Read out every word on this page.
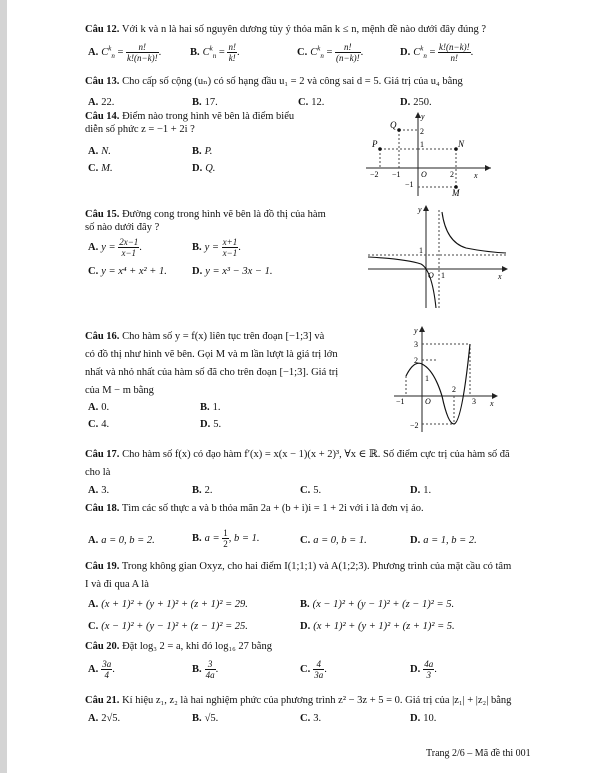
Câu 12. Với k và n là hai số nguyên dương tùy ý thỏa mãn k ≤ n, mệnh đề nào dưới đây đúng ?
A. $C^k_n = \frac{n!}{k!(n-k)!}$ .	B. $C^k_n = \frac{n!}{k!}$ .	C. $C^k_n = \frac{n!}{(n-k)!}$ .	D. $C^k_n = \frac{k!(n-k)!}{n!}$ .
Câu 13. Cho cấp số cộng (uₙ) có số hạng đầu u₁ = 2 và công sai d = 5. Giá trị của u₄ bằng
A. 22.	B. 17.	C. 12.	D. 250.
Câu 14. Điểm nào trong hình vẽ bên là điểm biểu
diễn số phức z = −1 + 2i ?
A. N.	B. P.
C. M.	D. Q.
Q
P	N
M
y
x
2
1
O
−1
−2
−1
2
Câu 15. Đường cong trong hình vẽ bên là đồ thị của hàm
số nào dưới đây ?
A. $y = \frac{2x-1}{x-1}$ .	B. $y = \frac{x+1}{x-1}$ .
C. y = x⁴ + x² + 1. D. y = x³ − 3x − 1.
y
x
1
O 1
Câu 16. Cho hàm số y = f(x) liên tục trên đoạn [−1;3] và
có đồ thị như hình vẽ bên. Gọi M và m lần lượt là giá trị lớn
nhất và nhỏ nhất của hàm số đã cho trên đoạn [−1;3]. Giá trị
của M − m bằng
A. 0.	B. 1.
C. 4.	D. 5.
y
x
3
2
1
−1	O
−2
2
3
Câu 17. Cho hàm số f(x) có đạo hàm f′(x) = x(x − 1)(x + 2)³, ∀x ∈ ℝ. Số điểm cực trị của hàm số đã
cho là
A. 3.	B. 2.	C. 5.	D. 1.
Câu 18. Tìm các số thực a và b thỏa mãn 2a + (b + i)i = 1 + 2i với i là đơn vị ảo.
A. a = 0, b = 2.	B. $a = \frac{1}{2}$ , b = 1.	C. a = 0, b = 1.	D. a = 1, b = 2.
Câu 19. Trong không gian Oxyz, cho hai điểm I(1;1;1) và A(1;2;3). Phương trình của mặt cầu có tâm
I và đi qua A là
A. (x + 1)² + (y + 1)² + (z + 1)² = 29.	B. (x − 1)² + (y − 1)² + (z − 1)² = 5.
C. (x − 1)² + (y − 1)² + (z − 1)² = 25.	D. (x + 1)² + (y + 1)² + (z + 1)² = 5.
Câu 20. Đặt log₃ 2 = a, khi đó log₁₆ 27 bằng
A. $\frac{3a}{4}$ .	B. $\frac{3}{4a}$ .	C. $\frac{4}{3a}$ .	D. $\frac{4a}{3}$ .
Câu 21. Kí hiệu z₁, z₂ là hai nghiệm phức của phương trình z² − 3z + 5 = 0. Giá trị của |z₁| + |z₂| bằng
A. 2√5.	B. √5.	C. 3.	D. 10.
Trang 2/6 – Mã đề thi 001
